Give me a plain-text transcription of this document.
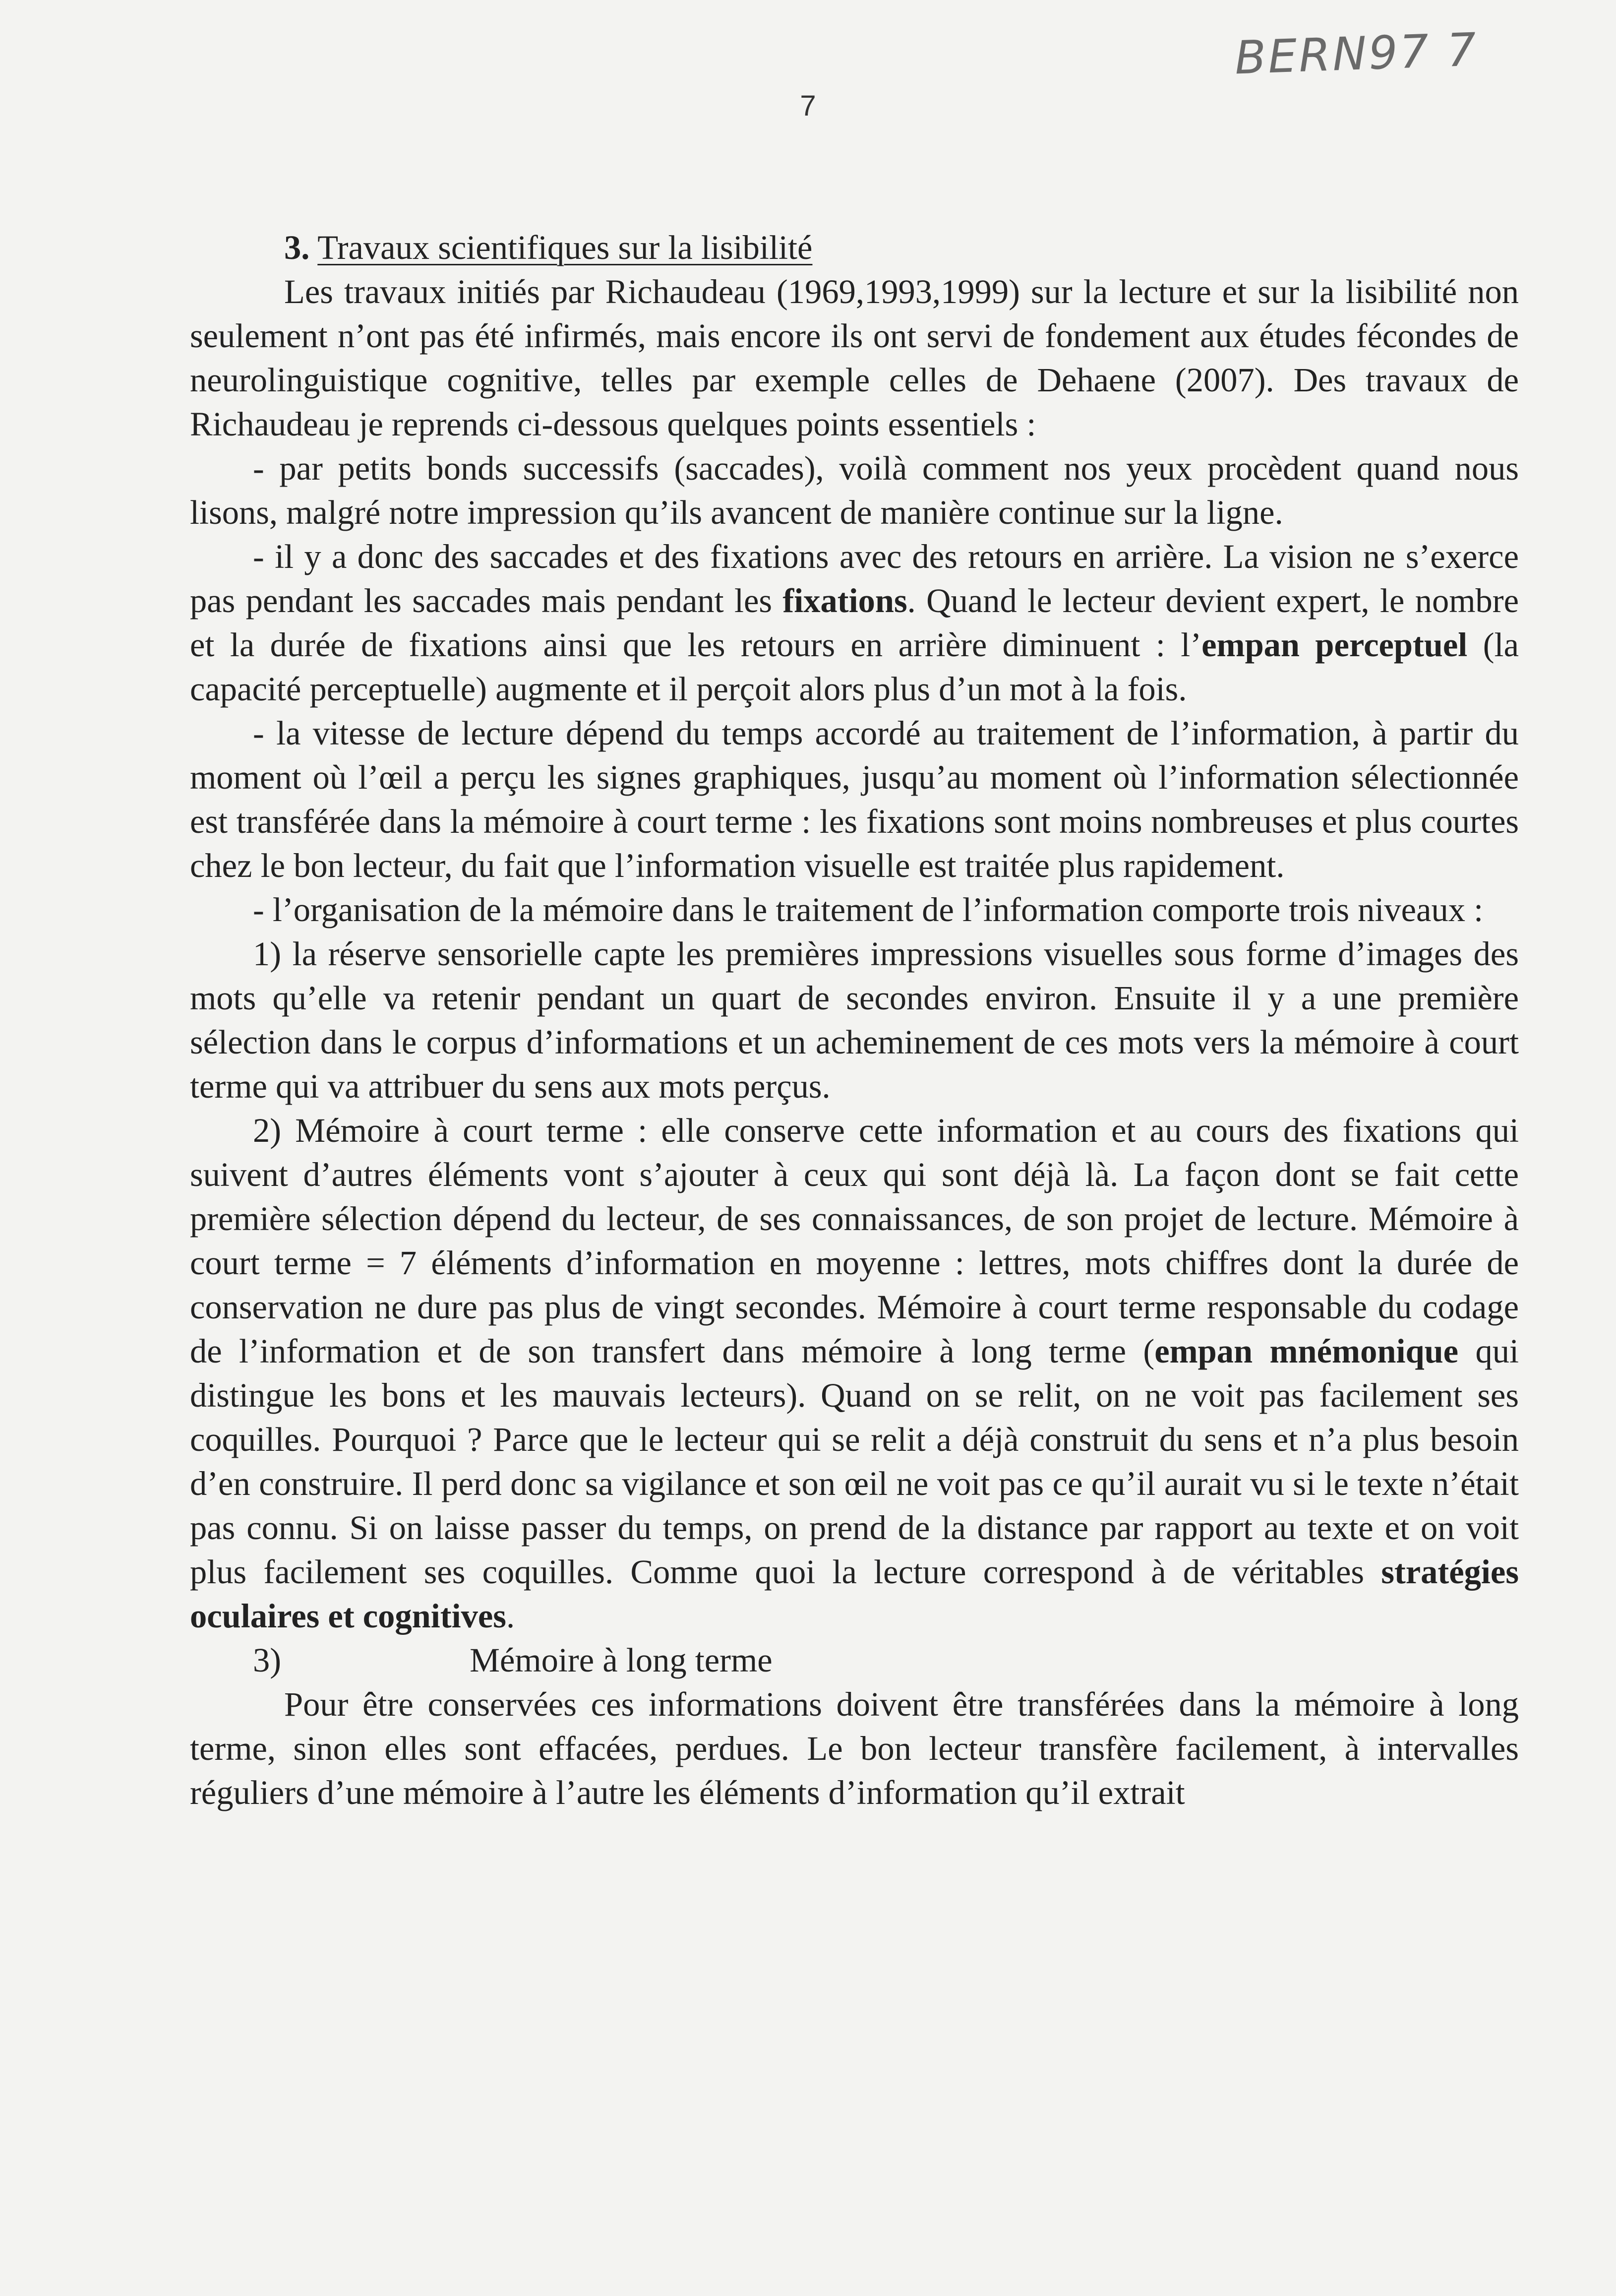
BERN97 7
7

3. Travaux scientifiques sur la lisibilité

Les travaux initiés par Richaudeau (1969,1993,1999) sur la lecture et sur la lisibilité non seulement n’ont pas été infirmés, mais encore ils ont servi de fondement aux études fécondes de neurolinguistique cognitive, telles par exemple celles de Dehaene (2007). Des travaux de Richaudeau je reprends ci-dessous quelques points essentiels :

- par petits bonds successifs (saccades), voilà comment nos yeux procèdent quand nous lisons, malgré notre impression qu’ils avancent de manière continue sur la ligne.

- il y a donc des saccades et des fixations avec des retours en arrière. La vision ne s’exerce pas pendant les saccades mais pendant les fixations. Quand le lecteur devient expert, le nombre et la durée de fixations ainsi que les retours en arrière diminuent : l’empan perceptuel (la capacité perceptuelle) augmente et il perçoit alors plus d’un mot à la fois.

- la vitesse de lecture dépend du temps accordé au traitement de l’information, à partir du moment où l’œil a perçu les signes graphiques, jusqu’au moment où l’information sélectionnée est transférée dans la mémoire à court terme : les fixations sont moins nombreuses et plus courtes chez le bon lecteur, du fait que l’information visuelle est traitée plus rapidement.

- l’organisation de la mémoire dans le traitement de l’information comporte trois niveaux :

1) la réserve sensorielle capte les premières impressions visuelles sous forme d’images des mots qu’elle va retenir pendant un quart de secondes environ. Ensuite il y a une première sélection dans le corpus d’informations et un acheminement de ces mots vers la mémoire à court terme qui va attribuer du sens aux mots perçus.

2) Mémoire à court terme : elle conserve cette information et au cours des fixations qui suivent d’autres éléments vont s’ajouter à ceux qui sont déjà là. La façon dont se fait cette première sélection dépend du lecteur, de ses connaissances, de son projet de lecture. Mémoire à court terme = 7 éléments d’information en moyenne : lettres, mots chiffres dont la durée de conservation ne dure pas plus de vingt secondes. Mémoire à court terme responsable du codage de l’information et de son transfert dans mémoire à long terme (empan mnémonique qui distingue les bons et les mauvais lecteurs). Quand on se relit, on ne voit pas facilement ses coquilles. Pourquoi ? Parce que le lecteur qui se relit a déjà construit du sens et n’a plus besoin d’en construire. Il perd donc sa vigilance et son œil ne voit pas ce qu’il aurait vu si le texte n’était pas connu. Si on laisse passer du temps, on prend de la distance par rapport au texte et on voit plus facilement ses coquilles. Comme quoi la lecture correspond à de véritables stratégies oculaires et cognitives.

3)	Mémoire à long terme

Pour être conservées ces informations doivent être transférées dans la mémoire à long terme, sinon elles sont effacées, perdues. Le bon lecteur transfère facilement, à intervalles réguliers d’une mémoire à l’autre les éléments d’information qu’il extrait
